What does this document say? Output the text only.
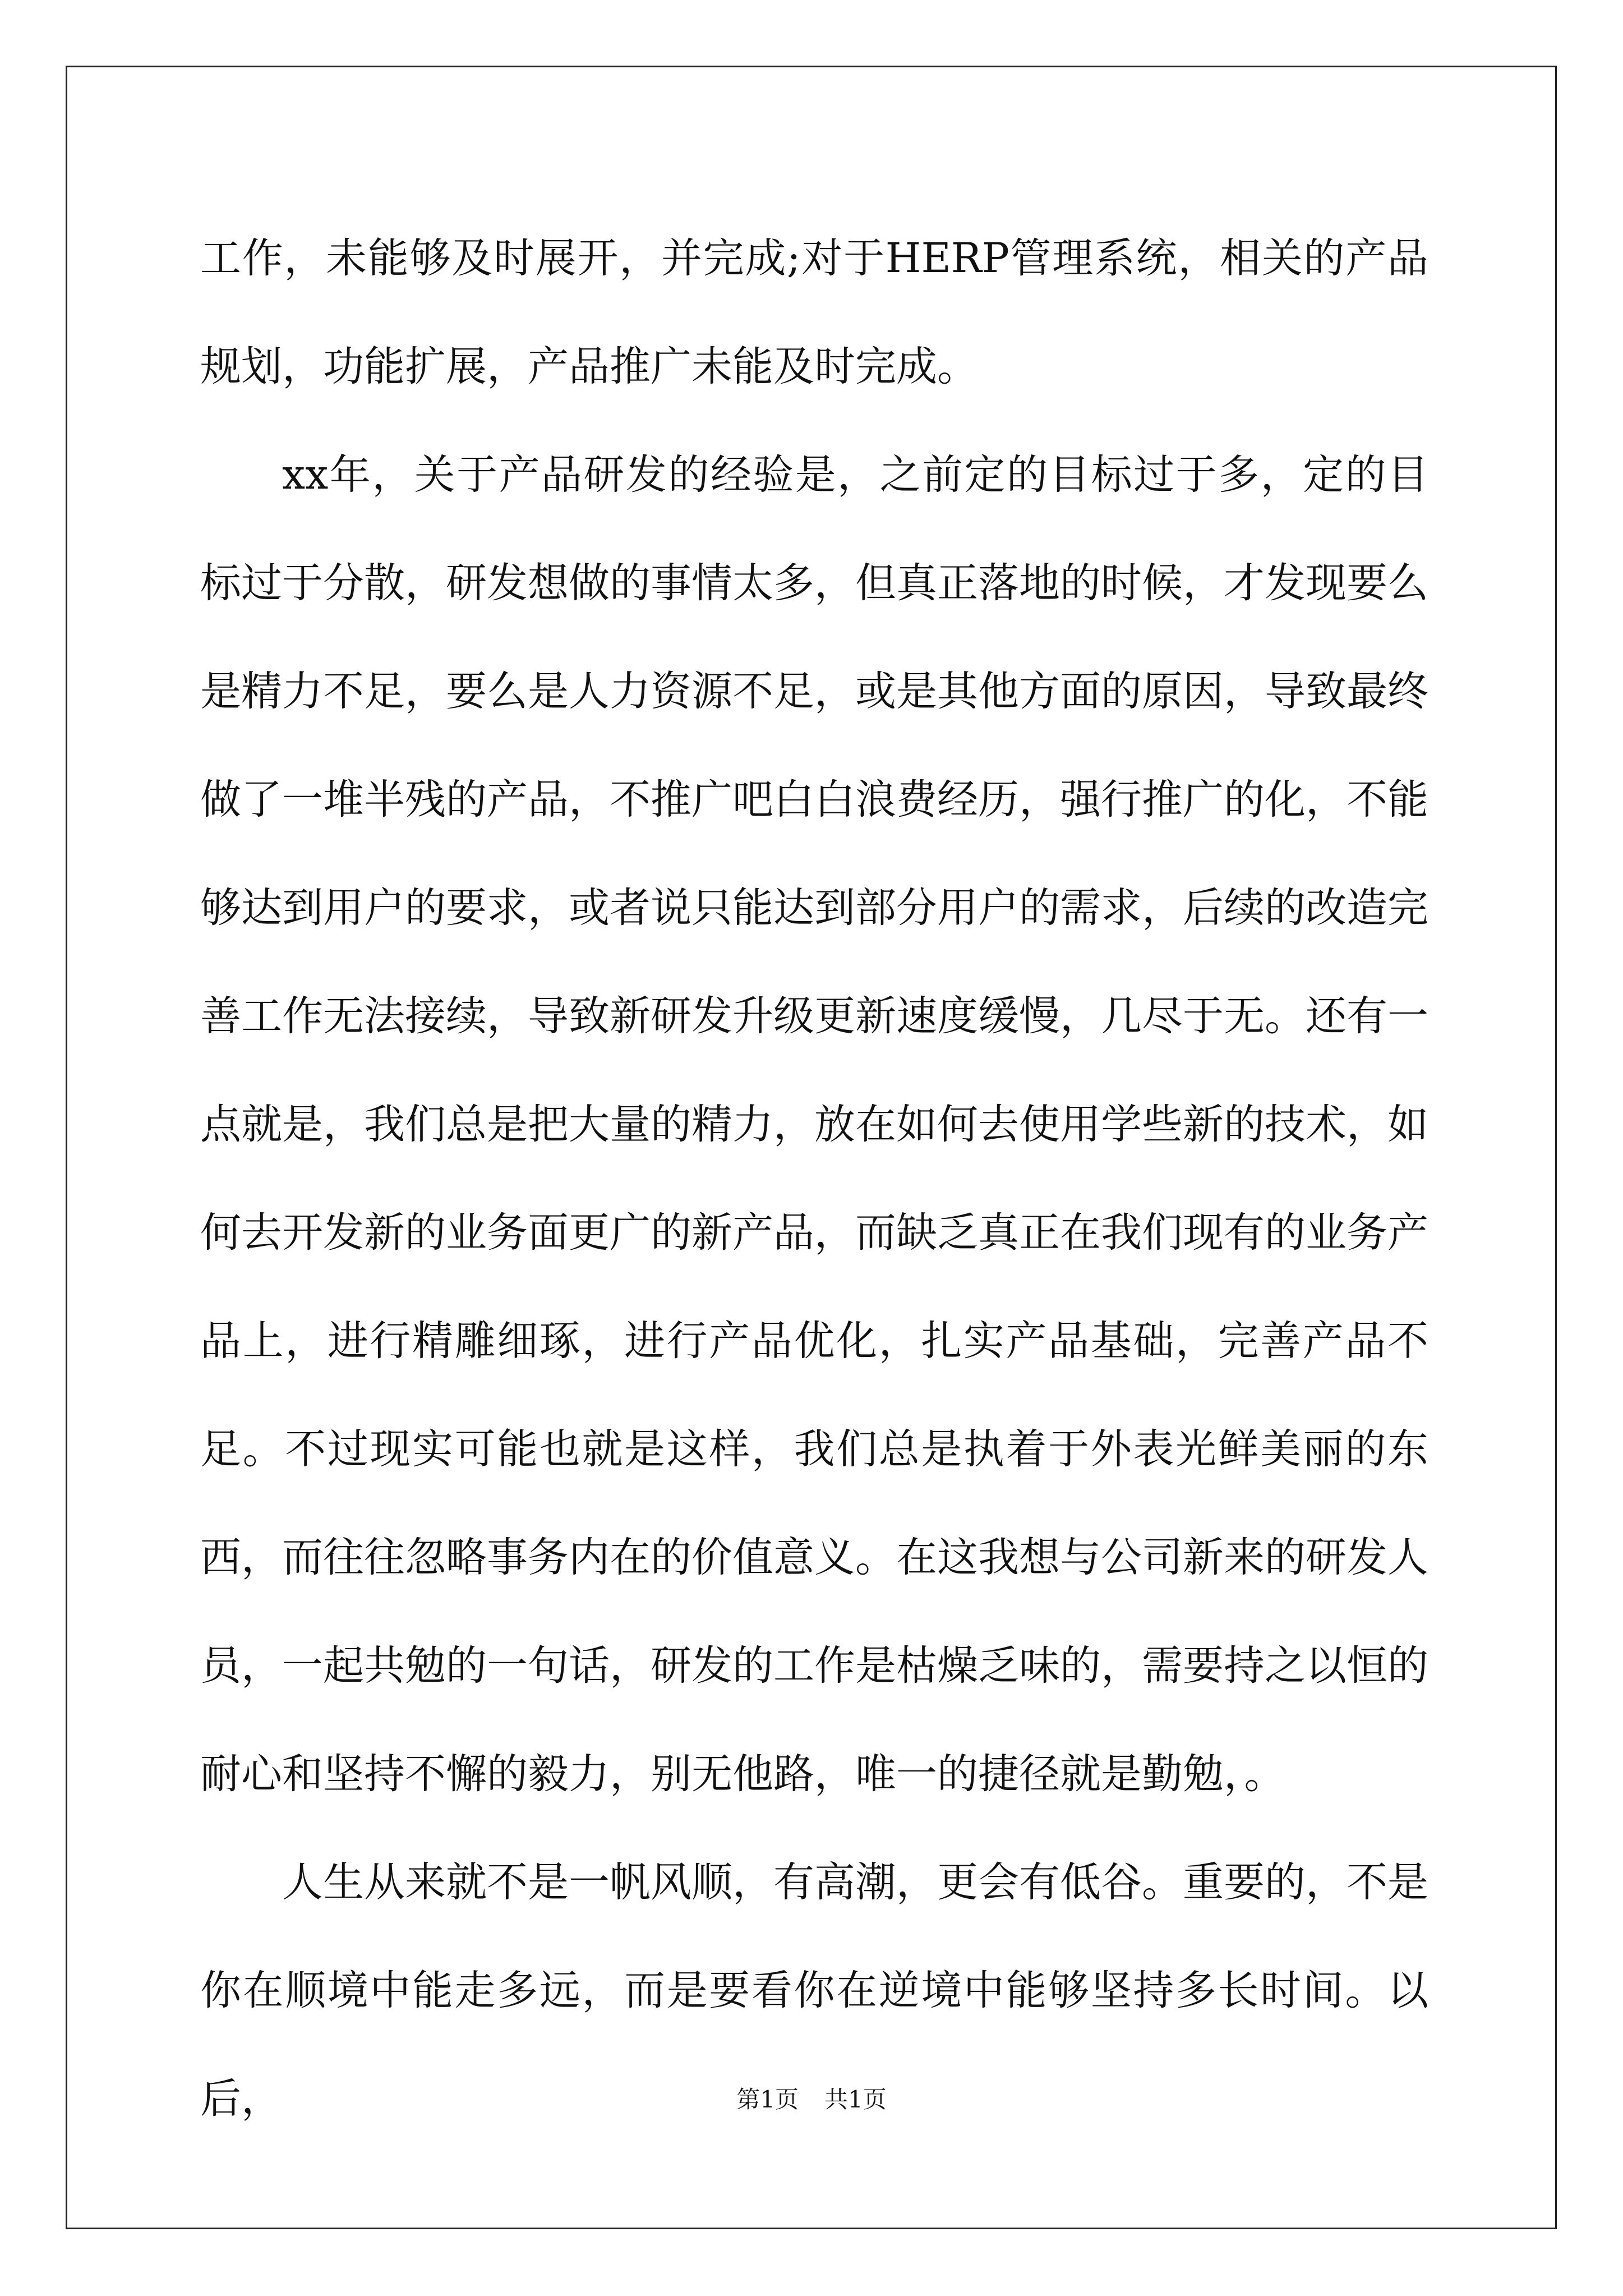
工作，未能够及时展开，并完成;对于HERP管理系统，相关的产品规划，功能扩展，产品推广未能及时完成。

xx年，关于产品研发的经验是，之前定的目标过于多，定的目标过于分散，研发想做的事情太多，但真正落地的时候，才发现要么是精力不足，要么是人力资源不足，或是其他方面的原因，导致最终做了一堆半残的产品，不推广吧白白浪费经历，强行推广的化，不能够达到用户的要求，或者说只能达到部分用户的需求，后续的改造完善工作无法接续，导致新研发升级更新速度缓慢，几尽于无。还有一点就是，我们总是把大量的精力，放在如何去使用学些新的技术，如何去开发新的业务面更广的新产品，而缺乏真正在我们现有的业务产品上，进行精雕细琢，进行产品优化，扎实产品基础，完善产品不足。不过现实可能也就是这样，我们总是执着于外表光鲜美丽的东西，而往往忽略事务内在的价值意义。在这我想与公司新来的研发人员，一起共勉的一句话，研发的工作是枯燥乏味的，需要持之以恒的耐心和坚持不懈的毅力，别无他路，唯一的捷径就是勤勉，。

人生从来就不是一帆风顺，有高潮，更会有低谷。重要的，不是你在顺境中能走多远，而是要看你在逆境中能够坚持多长时间。以后，	第1页 共1页
